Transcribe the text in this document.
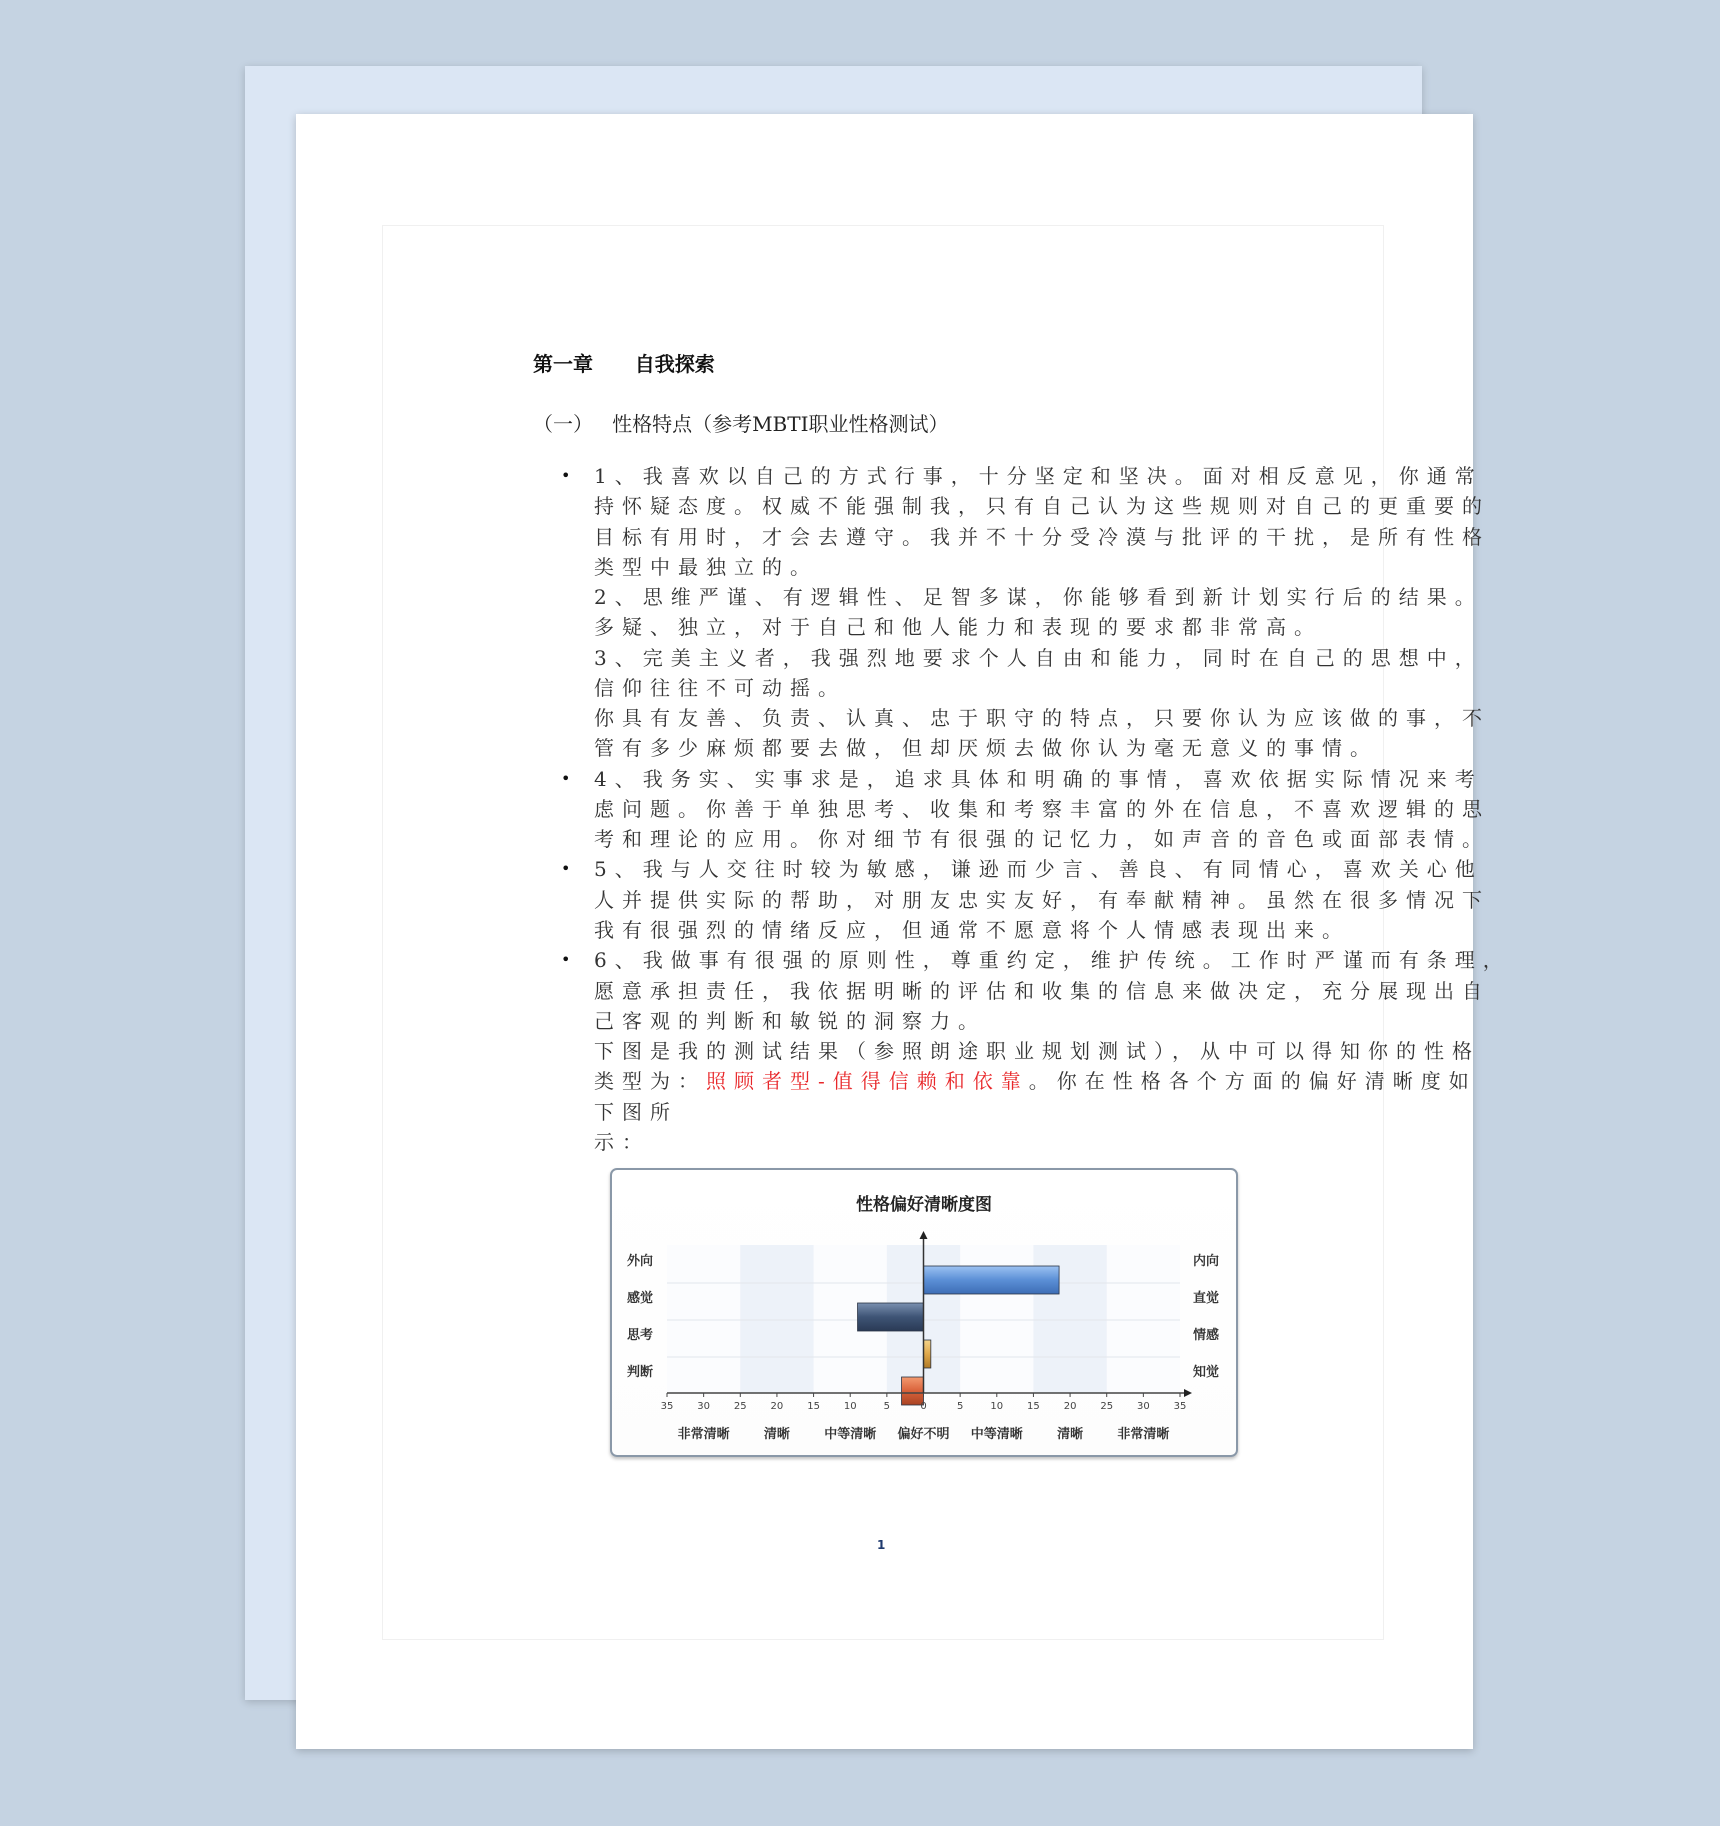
第一章      自我探索
（一）   性格特点（参考MBTI职业性格测试）
• 1、我喜欢以自己的方式行事，十分坚定和坚决。面对相反意见，你通常
持怀疑态度。权威不能强制我，只有自己认为这些规则对自己的更重要的
目标有用时，才会去遵守。我并不十分受冷漠与批评的干扰，是所有性格
类型中最独立的。
2、思维严谨、有逻辑性、足智多谋，你能够看到新计划实行后的结果。
多疑、独立，对于自己和他人能力和表现的要求都非常高。
3、完美主义者，我强烈地要求个人自由和能力，同时在自己的思想中，
信仰往往不可动摇。
你具有友善、负责、认真、忠于职守的特点，只要你认为应该做的事，不
管有多少麻烦都要去做，但却厌烦去做你认为毫无意义的事情。
• 4、我务实、实事求是，追求具体和明确的事情，喜欢依据实际情况来考
虑问题。你善于单独思考、收集和考察丰富的外在信息，不喜欢逻辑的思
考和理论的应用。你对细节有很强的记忆力，如声音的音色或面部表情。
• 5、我与人交往时较为敏感，谦逊而少言、善良、有同情心，喜欢关心他
人并提供实际的帮助，对朋友忠实友好，有奉献精神。虽然在很多情况下
我有很强烈的情绪反应，但通常不愿意将个人情感表现出来。
• 6、我做事有很强的原则性，尊重约定，维护传统。工作时严谨而有条理，
愿意承担责任，我依据明晰的评估和收集的信息来做决定，充分展现出自
己客观的判断和敏锐的洞察力。
下图是我的测试结果（参照朗途职业规划测试），从中可以得知你的性格
类型为：照顾者型-值得信赖和依靠。你在性格各个方面的偏好清晰度如
下图所
示：
性格偏好清晰度图
外向	内向
感觉	直觉
思考	情感
判断	知觉
35 30 25 20 15 10	5	0	5	10 15 20 25 30 35
非常清晰	清晰	中等清晰 偏好不明 中等清晰	清晰	非常清晰
1
